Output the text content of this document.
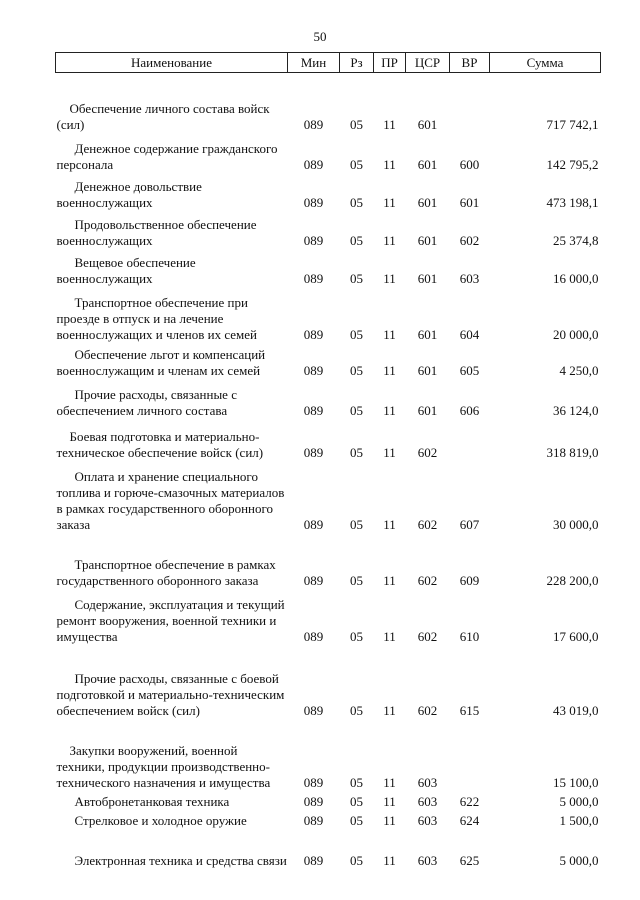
50
Наименование	Мин	Рз	ПР	ЦСР	ВР	Сумма

Обеспечение личного состава войск (сил)	089	05	11	601		717 742,1
Денежное содержание гражданского персонала	089	05	11	601	600	142 795,2
Денежное довольствие военнослужащих	089	05	11	601	601	473 198,1
Продовольственное обеспечение военнослужащих	089	05	11	601	602	25 374,8
Вещевое обеспечение военнослужащих	089	05	11	601	603	16 000,0
Транспортное обеспечение при проезде в отпуск и на лечение военнослужащих и членов их семей	089	05	11	601	604	20 000,0
Обеспечение льгот и компенсаций военнослужащим и членам их семей	089	05	11	601	605	4 250,0
Прочие расходы, связанные с обеспечением личного состава	089	05	11	601	606	36 124,0
Боевая подготовка и материально-техническое обеспечение войск (сил)	089	05	11	602		318 819,0
Оплата и хранение специального топлива и горюче-смазочных материалов в рамках государственного оборонного заказа	089	05	11	602	607	30 000,0
Транспортное обеспечение в рамках государственного оборонного заказа	089	05	11	602	609	228 200,0
Содержание, эксплуатация и текущий ремонт вооружения, военной техники и имущества	089	05	11	602	610	17 600,0
Прочие расходы, связанные с боевой подготовкой и материально-техническим обеспечением войск (сил)	089	05	11	602	615	43 019,0
Закупки вооружений, военной техники, продукции производственно-технического назначения и имущества	089	05	11	603		15 100,0
Автобронетанковая техника	089	05	11	603	622	5 000,0
Стрелковое и холодное оружие	089	05	11	603	624	1 500,0
Электронная техника и средства связи	089	05	11	603	625	5 000,0
